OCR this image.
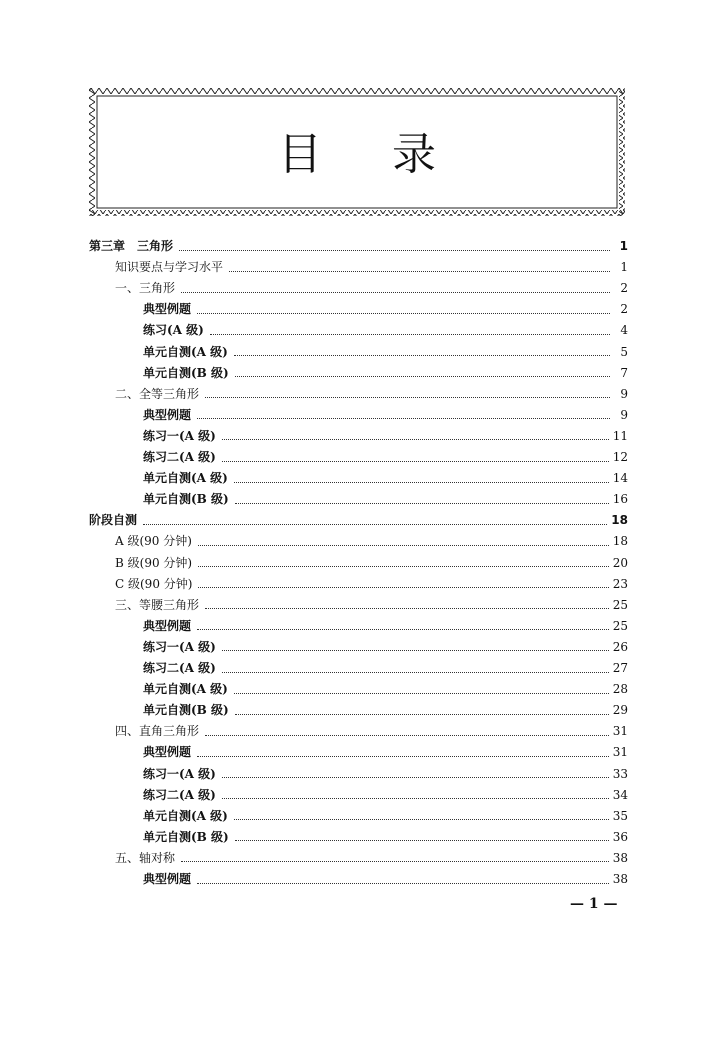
目 录
第三章　三角形	1
知识要点与学习水平	1
一、三角形	2
典型例题	2
练习(A 级)	4
单元自测(A 级)	5
单元自测(B 级)	7
二、全等三角形	9
典型例题	9
练习一(A 级)	11
练习二(A 级)	12
单元自测(A 级)	14
单元自测(B 级)	16
阶段自测	18
A 级(90 分钟)	18
B 级(90 分钟)	20
C 级(90 分钟)	23
三、等腰三角形	25
典型例题	25
练习一(A 级)	26
练习二(A 级)	27
单元自测(A 级)	28
单元自测(B 级)	29
四、直角三角形	31
典型例题	31
练习一(A 级)	33
练习二(A 级)	34
单元自测(A 级)	35
单元自测(B 级)	36
五、轴对称	38
典型例题	38
— 1 —
